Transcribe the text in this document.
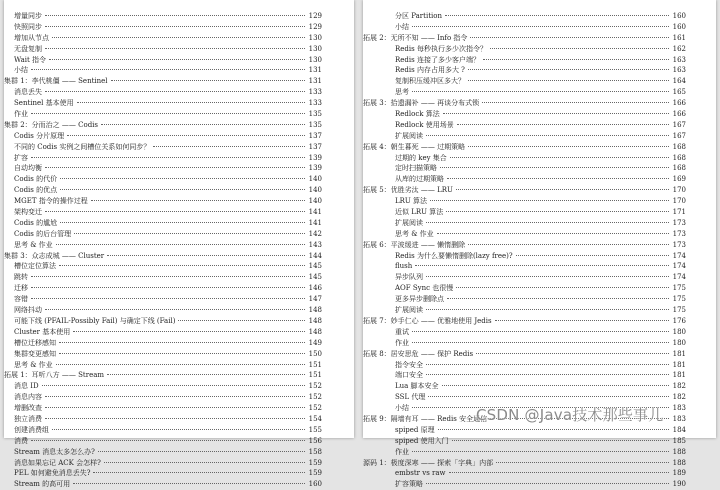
增量同步	129
快照同步	129
增加从节点	130
无盘复制	130
Wait 指令	130
小结	131
集群 1：李代桃僵 —— Sentinel	131
消息丢失	133
Sentinel 基本使用	133
作业	135
集群 2：分而治之 —— Codis	135
Codis 分片原理	137
不同的 Codis 实例之间槽位关系如何同步？	137
扩容	139
自动均衡	139
Codis 的代价	140
Codis 的优点	140
MGET 指令的操作过程	140
架构变迁	141
Codis 的尴尬	141
Codis 的后台管理	142
思考 & 作业	143
集群 3：众志成城 —— Cluster	144
槽位定位算法	145
跳转	145
迁移	146
容错	147
网络抖动	148
可能下线 (PFAIL-Possibly Fail) 与确定下线 (Fail)	148
Cluster 基本使用	148
槽位迁移感知	149
集群变更感知	150
思考 & 作业	151
拓展 1：耳听八方 —— Stream	151
消息 ID	152
消息内容	152
增删改查	152
独立消费	154
创建消费组	155
消费	156
Stream 消息太多怎么办?	158
消息如果忘记 ACK 会怎样?	159
PEL 如何避免消息丢失?	159
Stream 的高可用	160
分区 Partition	160
小结	160
拓展 2：无所不知 —— Info 指令	161
Redis 每秒执行多少次指令？	162
Redis 连接了多少客户端？	163
Redis 内存占用多大 ?	163
复制积压缓冲区多大？	164
思考	165
拓展 3：拾遗漏补 —— 再谈分布式锁	166
Redlock 算法	166
Redlock 使用场景	167
扩展阅读	167
拓展 4：朝生暮死 —— 过期策略	168
过期的 key 集合	168
定时扫描策略	168
从库的过期策略	169
拓展 5：优胜劣汰 —— LRU	170
LRU 算法	170
近似 LRU 算法	171
扩展阅读	173
思考 & 作业	173
拓展 6：平波缓进 —— 懒惰删除	173
Redis 为什么要懒惰删除(lazy free)?	174
flush	174
异步队列	174
AOF Sync 也很慢	175
更多异步删除点	175
扩展阅读	175
拓展 7：妙手仁心 —— 优雅地使用 Jedis	176
重试	180
作业	180
拓展 8：居安思危 —— 保护 Redis	181
指令安全	181
端口安全	181
Lua 脚本安全	182
SSL 代理	182
小结	183
拓展 9：隔墙有耳 —— Redis 安全通信	183
spiped 原理	184
spiped 使用入门	185
作业	188
源码 1：极度深寒 —— 探索「字典」内部	188
embstr vs raw	189
扩容策略	190
CSDN @Java技术那些事儿
